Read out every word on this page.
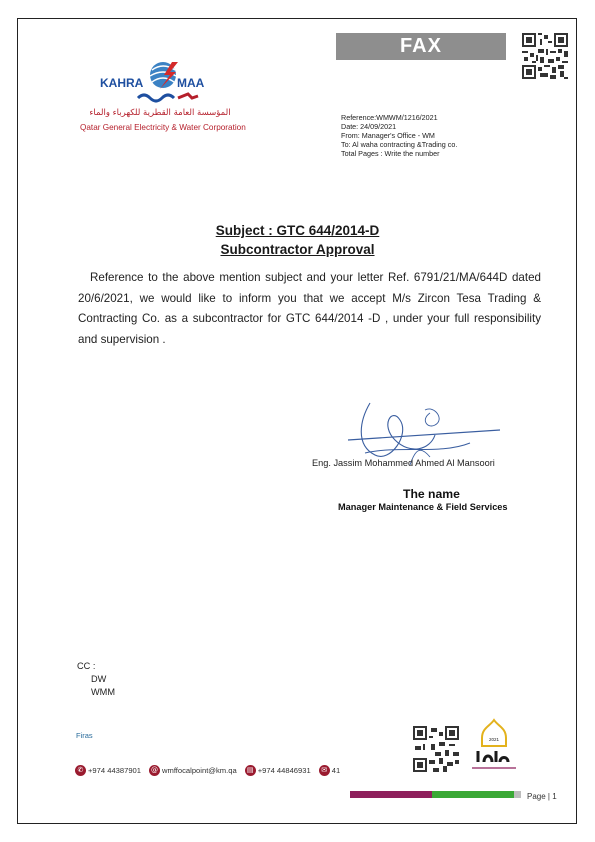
FAX
KAHRA	MAA
المؤسسة العامة القطرية للكهرباء والماء
Qatar General Electricity & Water Corporation
Reference:WMWM/1216/2021
Date: 24/09/2021
From: Manager's Office - WM
To: Al waha contracting &Trading co.
Total Pages : Write the number
Subject : GTC 644/2014-D
Subcontractor Approval

Reference to the above mention subject and your letter Ref. 6791/21/MA/644D dated 20/6/2021, we would like to inform you that we accept M/s Zircon Tesa Trading & Contracting Co. as a subcontractor for GTC 644/2014 -D , under your full responsibility and supervision .

Eng. Jassim Mohammed Ahmed Al Mansoori
The name
Manager Maintenance & Field Services
CC :
DW
WMM
Firas	2021
✆ +974 44387901 @ wmffocalpoint@km.qa	▤ +974 44846931	✉ 41
Page | 1
